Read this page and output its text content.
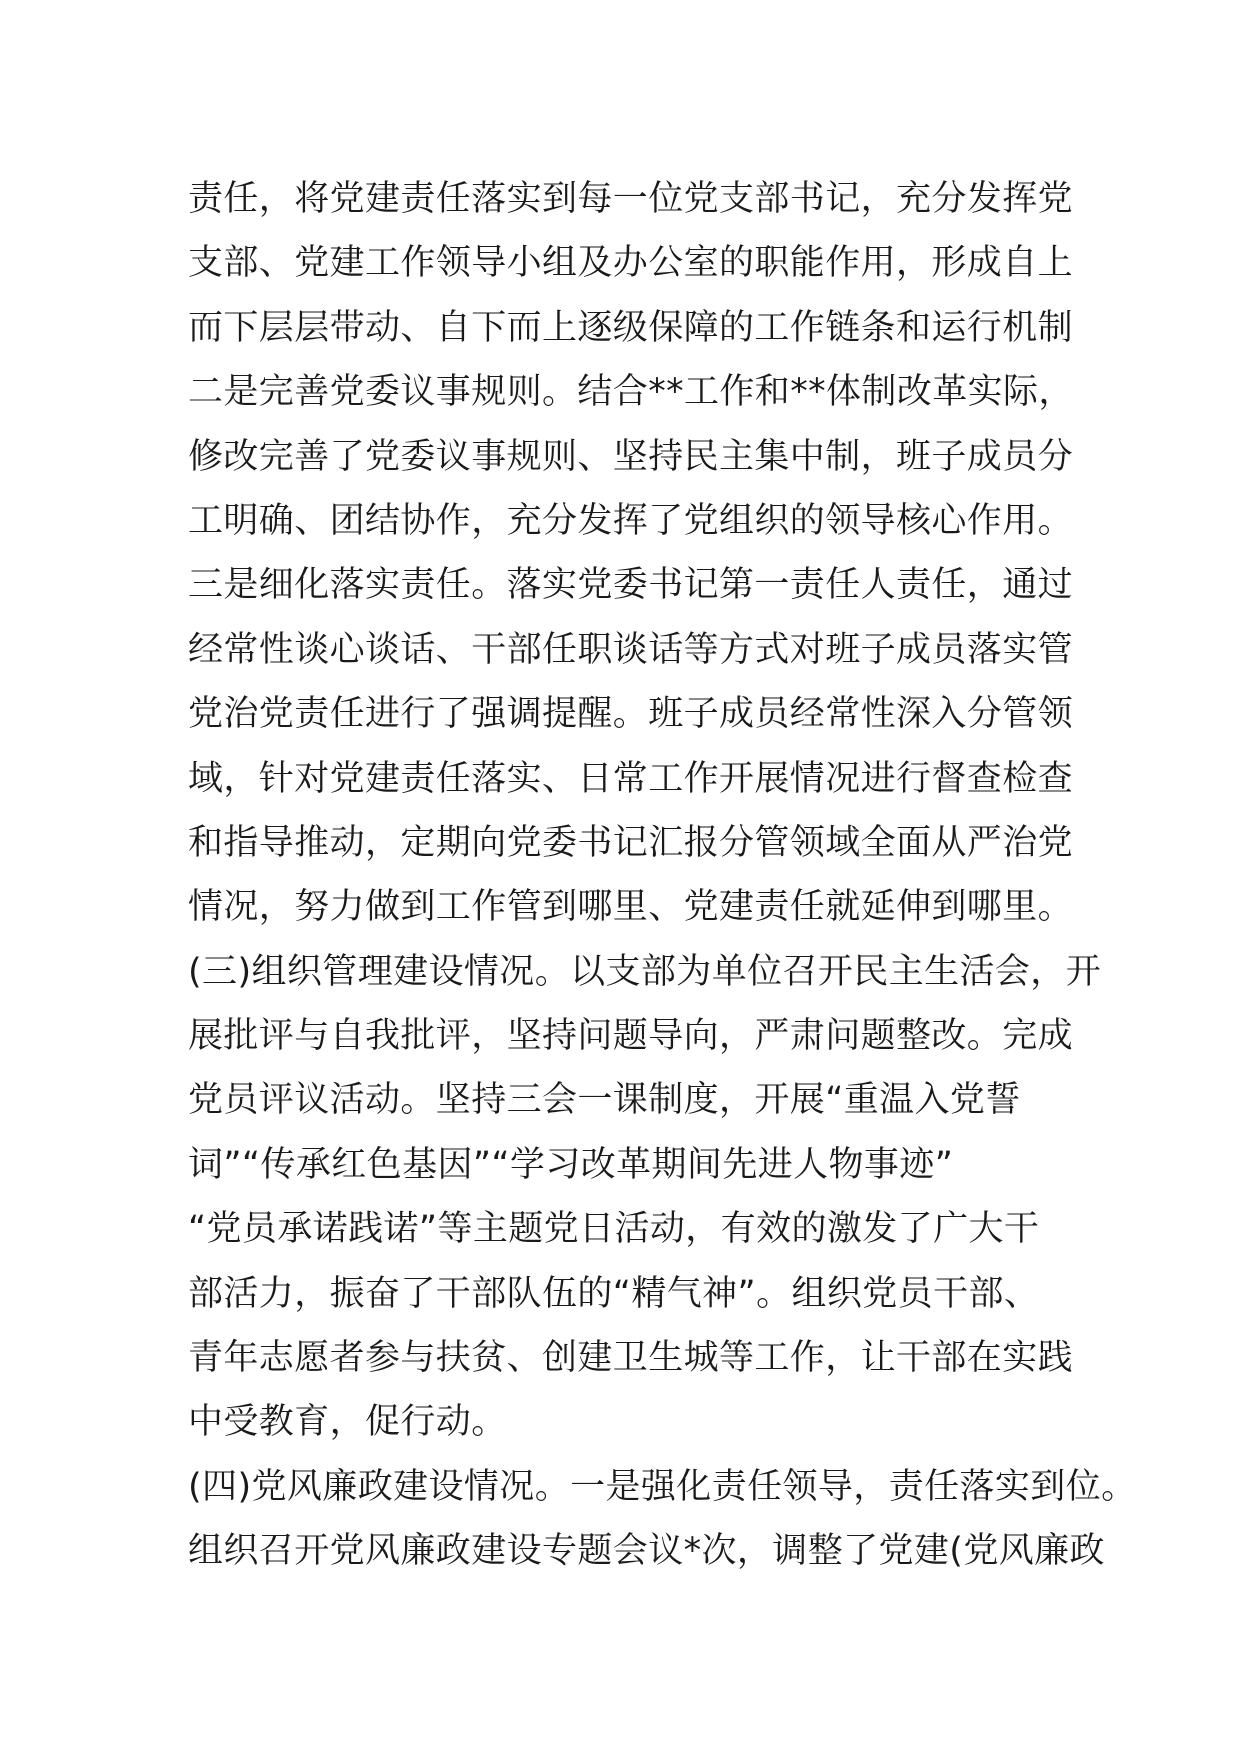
责任，将党建责任落实到每一位党支部书记，充分发挥党
支部、党建工作领导小组及办公室的职能作用，形成自上
而下层层带动、自下而上逐级保障的工作链条和运行机制
二是完善党委议事规则。结合**工作和**体制改革实际，
修改完善了党委议事规则、坚持民主集中制，班子成员分
工明确、团结协作，充分发挥了党组织的领导核心作用。
三是细化落实责任。落实党委书记第一责任人责任，通过
经常性谈心谈话、干部任职谈话等方式对班子成员落实管
党治党责任进行了强调提醒。班子成员经常性深入分管领
域，针对党建责任落实、日常工作开展情况进行督查检查
和指导推动，定期向党委书记汇报分管领域全面从严治党
情况，努力做到工作管到哪里、党建责任就延伸到哪里。
(三)组织管理建设情况。以支部为单位召开民主生活会，开
展批评与自我批评，坚持问题导向，严肃问题整改。完成
党员评议活动。坚持三会一课制度，开展“重温入党誓
词”“传承红色基因”“学习改革期间先进人物事迹”
“党员承诺践诺”等主题党日活动，有效的激发了广大干
部活力，振奋了干部队伍的“精气神”。组织党员干部、
青年志愿者参与扶贫、创建卫生城等工作，让干部在实践
中受教育，促行动。
(四)党风廉政建设情况。一是强化责任领导，责任落实到位。
组织召开党风廉政建设专题会议*次，调整了党建(党风廉政
